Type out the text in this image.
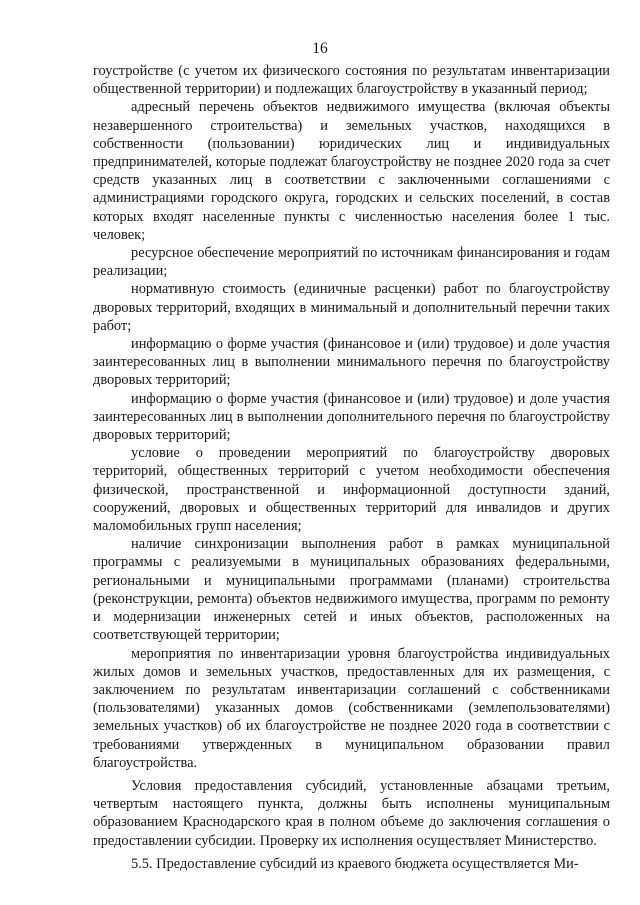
16

гоустройстве (с учетом их физического состояния по результатам инвентаризации общественной территории) и подлежащих благоустройству в указанный период;

адресный перечень объектов недвижимого имущества (включая объекты незавершенного строительства) и земельных участков, находящихся в собственности (пользовании) юридических лиц и индивидуальных предпринимателей, которые подлежат благоустройству не позднее 2020 года за счет средств указанных лиц в соответствии с заключенными соглашениями с администрациями городского округа, городских и сельских поселений, в состав которых входят населенные пункты с численностью населения более 1 тыс. человек;

ресурсное обеспечение мероприятий по источникам финансирования и годам реализации;

нормативную стоимость (единичные расценки) работ по благоустройству дворовых территорий, входящих в минимальный и дополнительный перечни таких работ;

информацию о форме участия (финансовое и (или) трудовое) и доле участия заинтересованных лиц в выполнении минимального перечня по благоустройству дворовых территорий;

информацию о форме участия (финансовое и (или) трудовое) и доле участия заинтересованных лиц в выполнении дополнительного перечня по благоустройству дворовых территорий;

условие о проведении мероприятий по благоустройству дворовых территорий, общественных территорий с учетом необходимости обеспечения физической, пространственной и информационной доступности зданий, сооружений, дворовых и общественных территорий для инвалидов и других маломобильных групп населения;

наличие синхронизации выполнения работ в рамках муниципальной программы с реализуемыми в муниципальных образованиях федеральными, региональными и муниципальными программами (планами) строительства (реконструкции, ремонта) объектов недвижимого имущества, программ по ремонту и модернизации инженерных сетей и иных объектов, расположенных на соответствующей территории;

мероприятия по инвентаризации уровня благоустройства индивидуальных жилых домов и земельных участков, предоставленных для их размещения, с заключением по результатам инвентаризации соглашений с собственниками (пользователями) указанных домов (собственниками (землепользователями) земельных участков) об их благоустройстве не позднее 2020 года в соответствии с требованиями утвержденных в муниципальном образовании правил благоустройства.

Условия предоставления субсидий, установленные абзацами третьим, четвертым настоящего пункта, должны быть исполнены муниципальным образованием Краснодарского края в полном объеме до заключения соглашения о предоставлении субсидии. Проверку их исполнения осуществляет Министерство.

5.5. Предоставление субсидий из краевого бюджета осуществляется Ми-
